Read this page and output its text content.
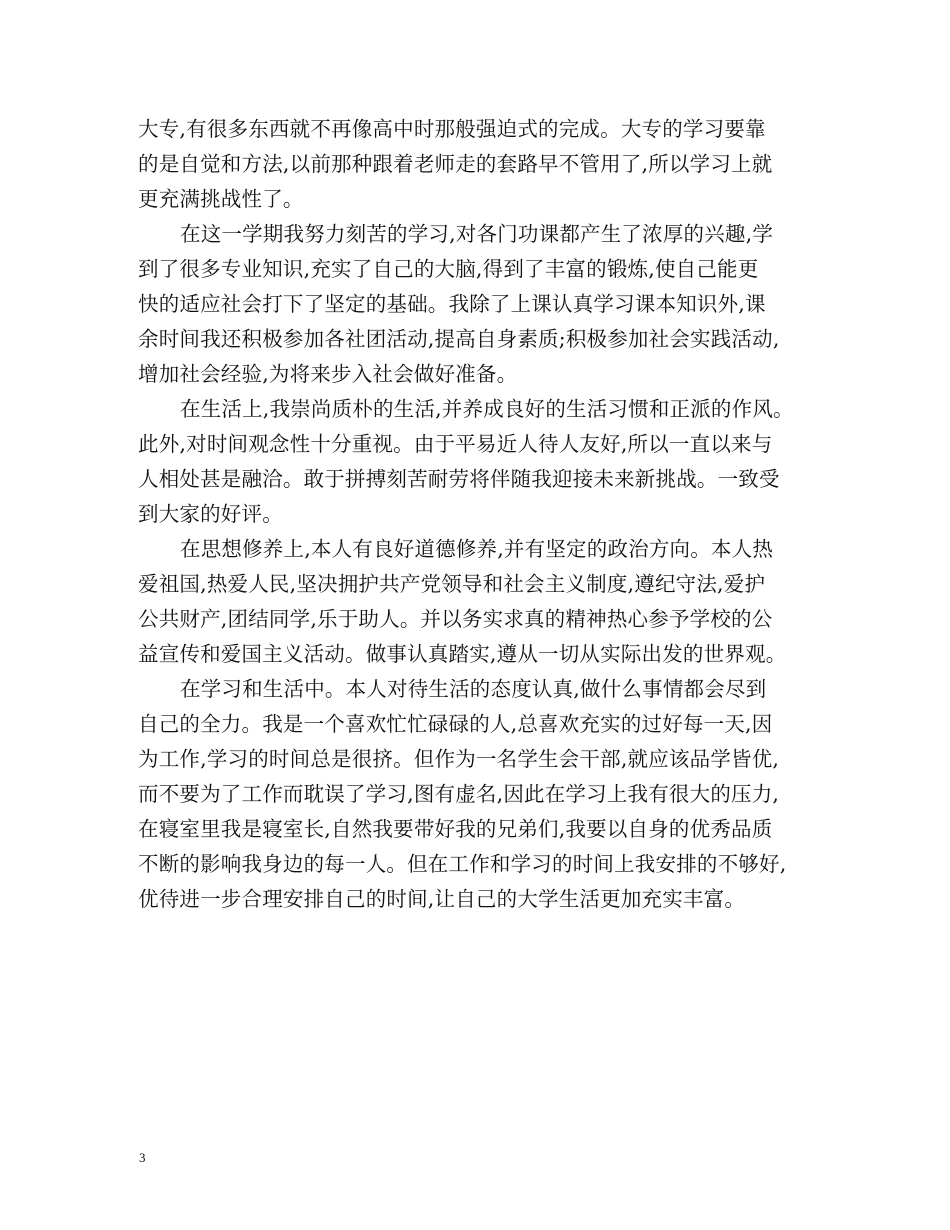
大专,有很多东西就不再像高中时那般强迫式的完成。大专的学习要靠
的是自觉和方法,以前那种跟着老师走的套路早不管用了,所以学习上就
更充满挑战性了。
在这一学期我努力刻苦的学习,对各门功课都产生了浓厚的兴趣,学
到了很多专业知识,充实了自己的大脑,得到了丰富的锻炼,使自己能更
快的适应社会打下了坚定的基础。我除了上课认真学习课本知识外,课
余时间我还积极参加各社团活动,提高自身素质;积极参加社会实践活动,
增加社会经验,为将来步入社会做好准备。
在生活上,我崇尚质朴的生活,并养成良好的生活习惯和正派的作风。
此外,对时间观念性十分重视。由于平易近人待人友好,所以一直以来与
人相处甚是融洽。敢于拼搏刻苦耐劳将伴随我迎接未来新挑战。一致受
到大家的好评。
在思想修养上,本人有良好道德修养,并有坚定的政治方向。本人热
爱祖国,热爱人民,坚决拥护共产党领导和社会主义制度,遵纪守法,爱护
公共财产,团结同学,乐于助人。并以务实求真的精神热心参予学校的公
益宣传和爱国主义活动。做事认真踏实,遵从一切从实际出发的世界观。
在学习和生活中。本人对待生活的态度认真,做什么事情都会尽到
自己的全力。我是一个喜欢忙忙碌碌的人,总喜欢充实的过好每一天,因
为工作,学习的时间总是很挤。但作为一名学生会干部,就应该品学皆优,
而不要为了工作而耽误了学习,图有虚名,因此在学习上我有很大的压力,
在寝室里我是寝室长,自然我要带好我的兄弟们,我要以自身的优秀品质
不断的影响我身边的每一人。但在工作和学习的时间上我安排的不够好,
优待进一步合理安排自己的时间,让自己的大学生活更加充实丰富。
3
